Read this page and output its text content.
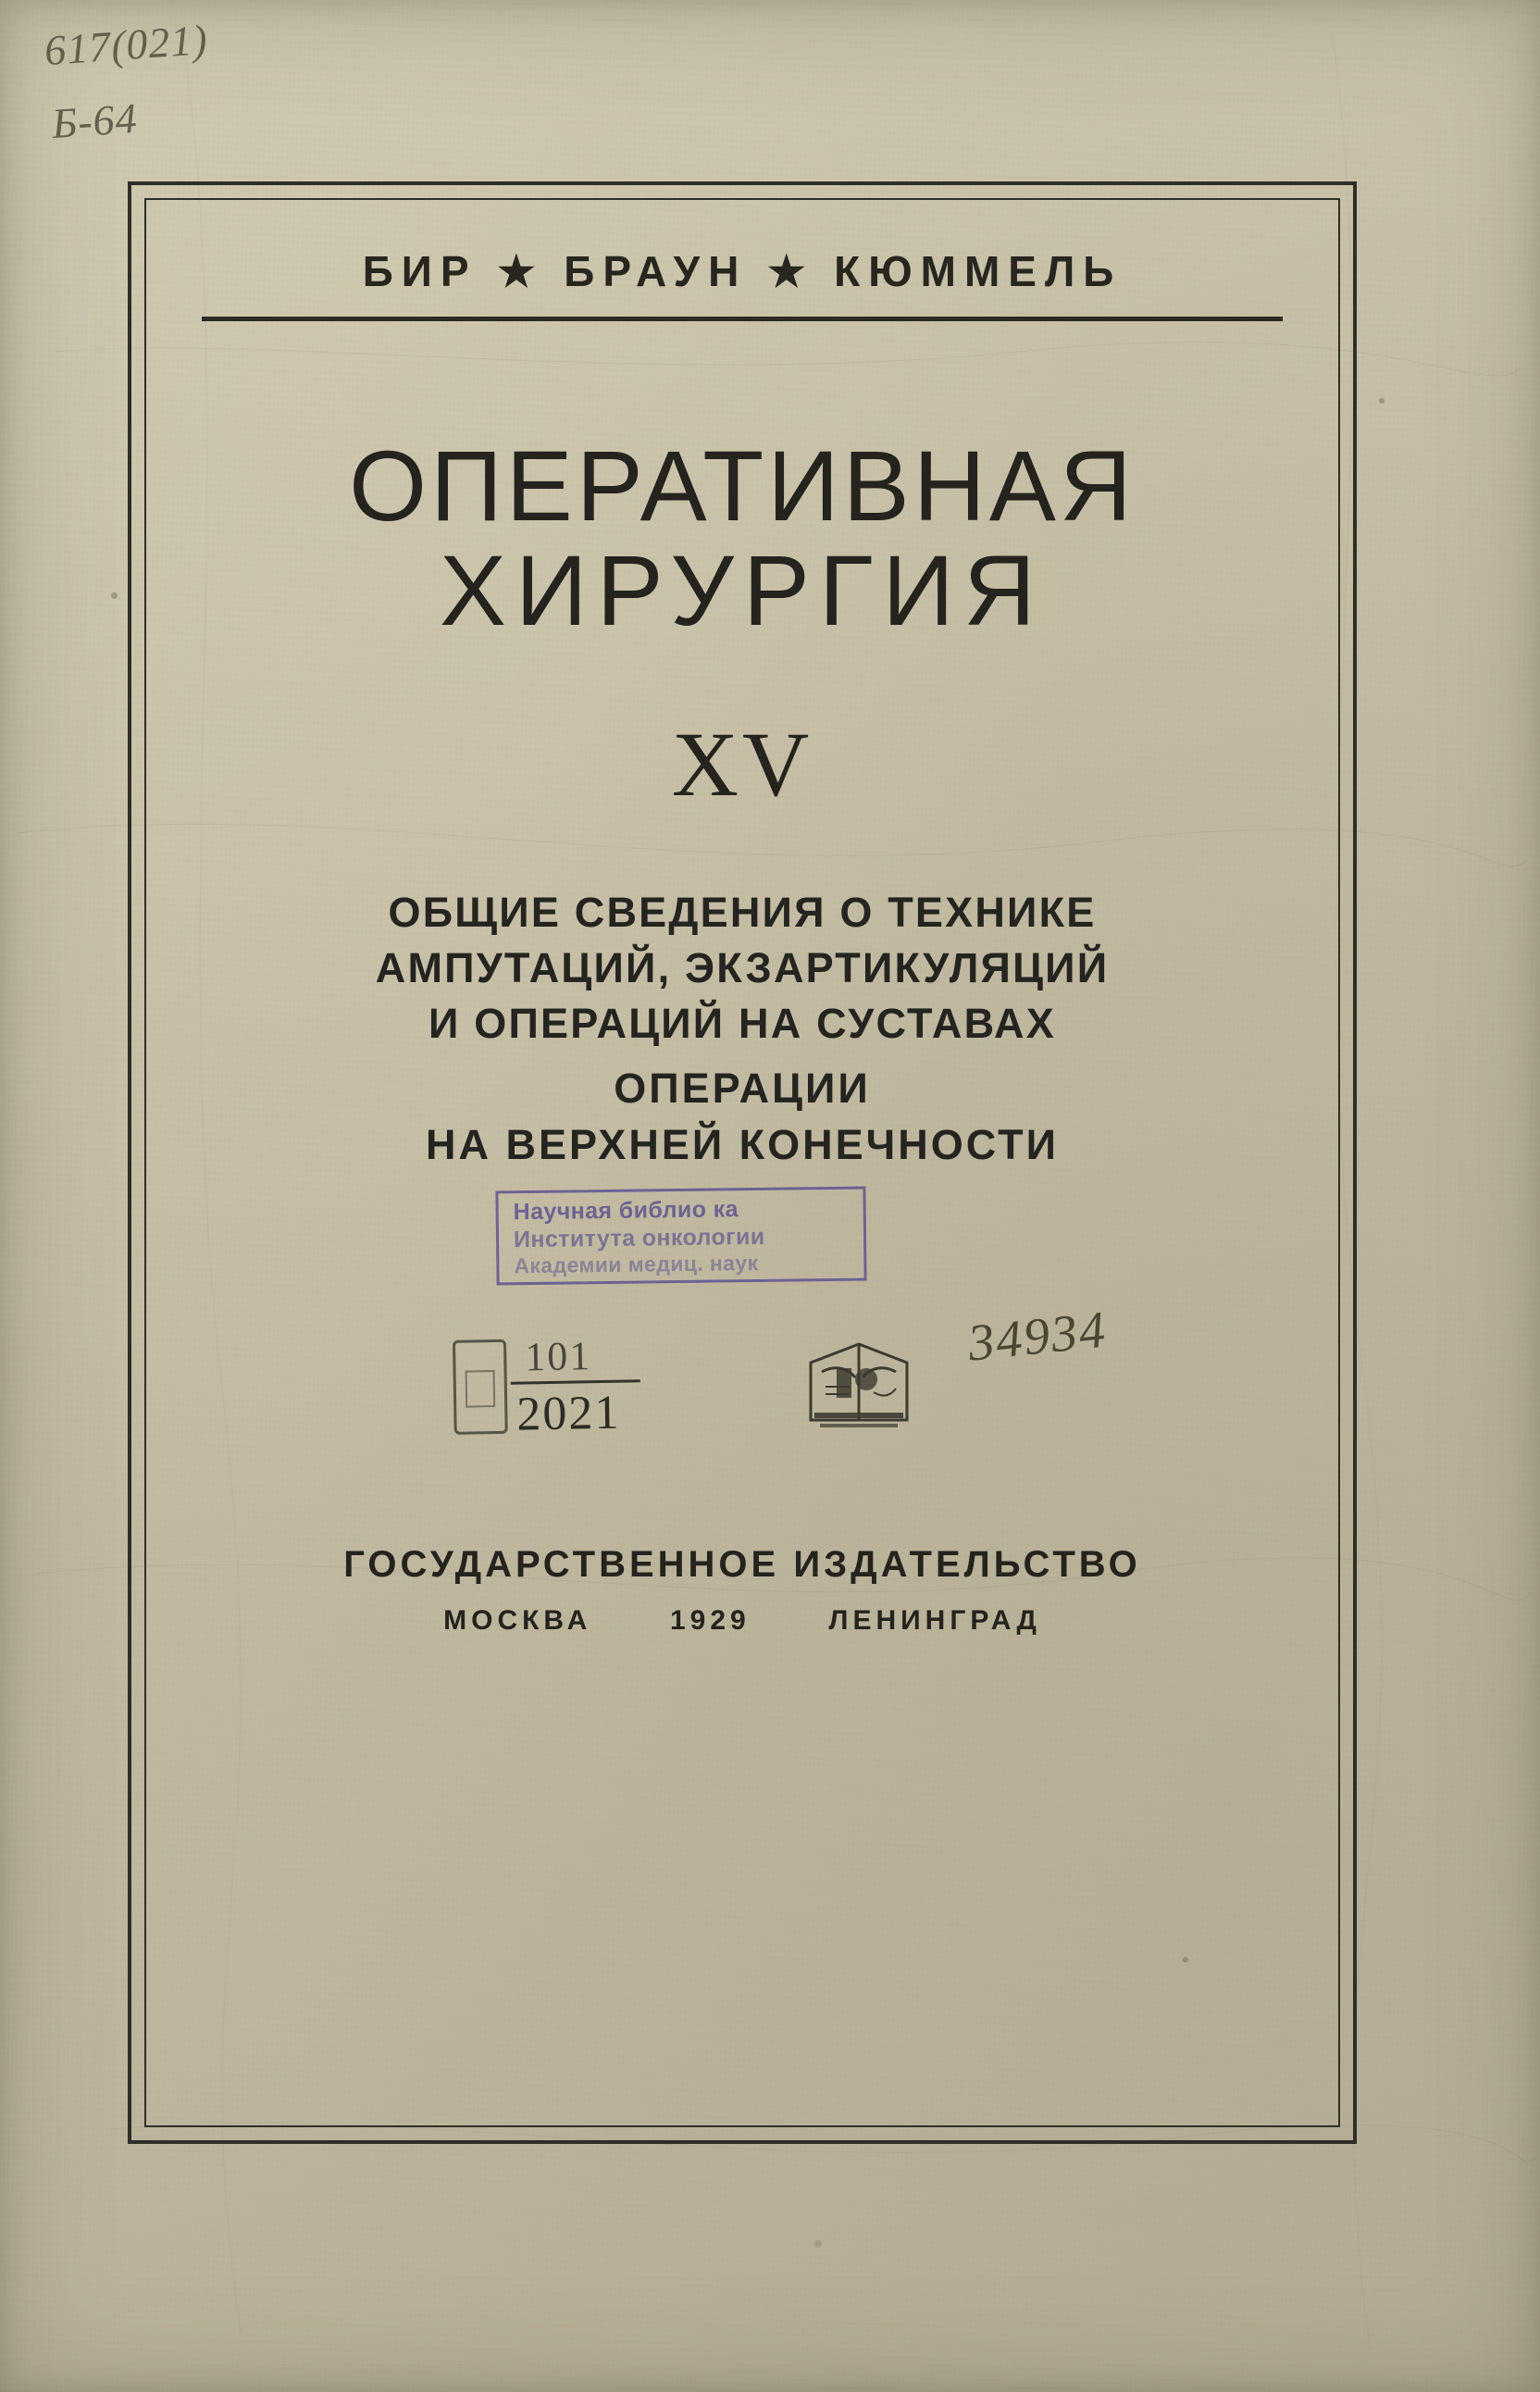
617(021)
Б-64
БИР ★ БРАУН ★ КЮММЕЛЬ
ОПЕРАТИВНАЯ
ХИРУРГИЯ
XV
ОБЩИЕ СВЕДЕНИЯ О ТЕХНИКЕ
АМПУТАЦИЙ, ЭКЗАРТИКУЛЯЦИЙ
И ОПЕРАЦИЙ НА СУСТАВАХ
ОПЕРАЦИИ
НА ВЕРХНЕЙ КОНЕЧНОСТИ
Научная библио ка
Института онкологии
Академии медиц. наук
34934
101
2021
ГОСУДАРСТВЕННОЕ ИЗДАТЕЛЬСТВО
МОСКВА	1929	ЛЕНИНГРАД
